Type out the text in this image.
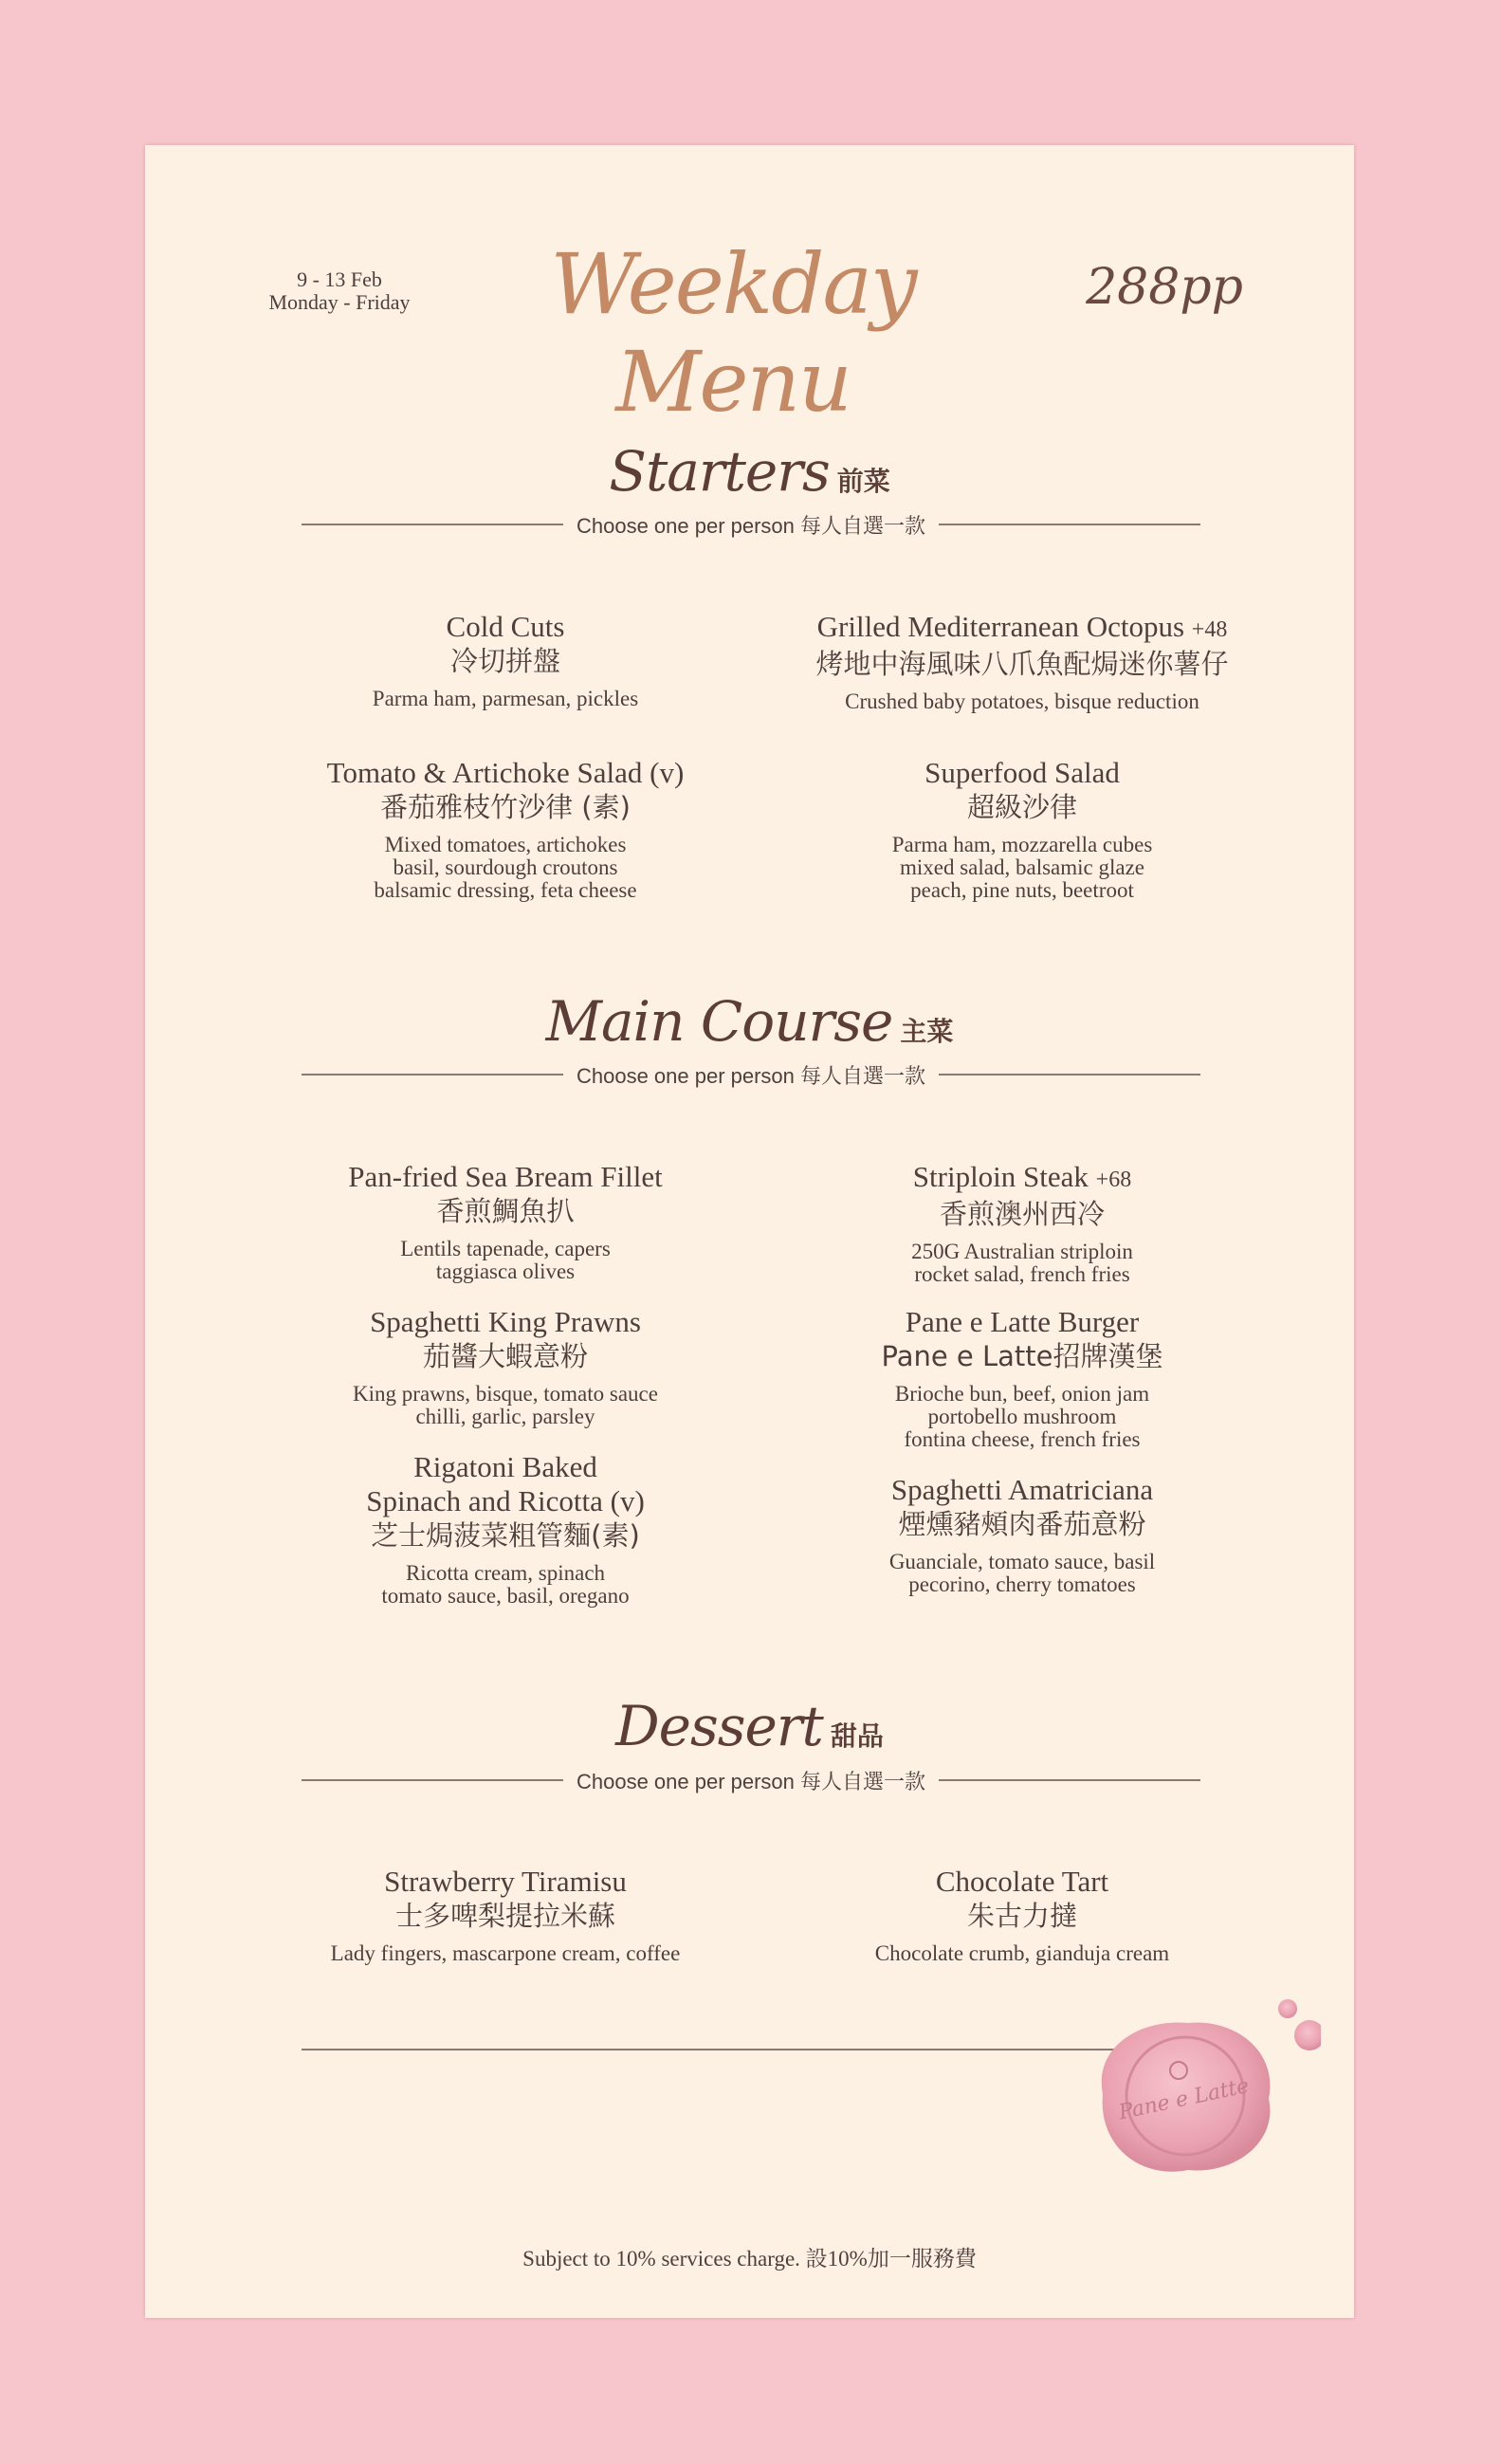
9 - 13 Feb
Monday - Friday	Weekday Menu
288pp
Starters 前菜
Choose one per person 每人自選一款
Cold Cuts
冷切拼盤
Parma ham, parmesan, pickles
Grilled Mediterranean Octopus +48
烤地中海風味八爪魚配焗迷你薯仔
Crushed baby potatoes, bisque reduction
Tomato & Artichoke Salad (v)
番茄雅枝竹沙律 (素)
Mixed tomatoes, artichokes
basil, sourdough croutons
balsamic dressing, feta cheese
Superfood Salad
超級沙律
Parma ham, mozzarella cubes
mixed salad, balsamic glaze
peach, pine nuts, beetroot
Main Course 主菜
Choose one per person 每人自選一款
Pan-fried Sea Bream Fillet
香煎鯛魚扒
Lentils tapenade, capers
taggiasca olives
Striploin Steak +68
香煎澳州西冷
250G Australian striploin
rocket salad, french fries
Spaghetti King Prawns
茄醬大蝦意粉
King prawns, bisque, tomato sauce
chilli, garlic, parsley
Pane e Latte Burger
Pane e Latte招牌漢堡
Brioche bun, beef, onion jam
portobello mushroom
fontina cheese, french fries
Rigatoni Baked
Spinach and Ricotta (v)
芝士焗菠菜粗管麵(素)
Ricotta cream, spinach
tomato sauce, basil, oregano
Spaghetti Amatriciana
煙燻豬頰肉番茄意粉
Guanciale, tomato sauce, basil
pecorino, cherry tomatoes
Dessert 甜品
Choose one per person 每人自選一款
Strawberry Tiramisu
士多啤梨提拉米蘇
Lady fingers, mascarpone cream, coffee
Chocolate Tart
朱古力撻
Chocolate crumb, gianduja cream
Pane e Latte
Subject to 10% services charge. 設10%加一服務費
